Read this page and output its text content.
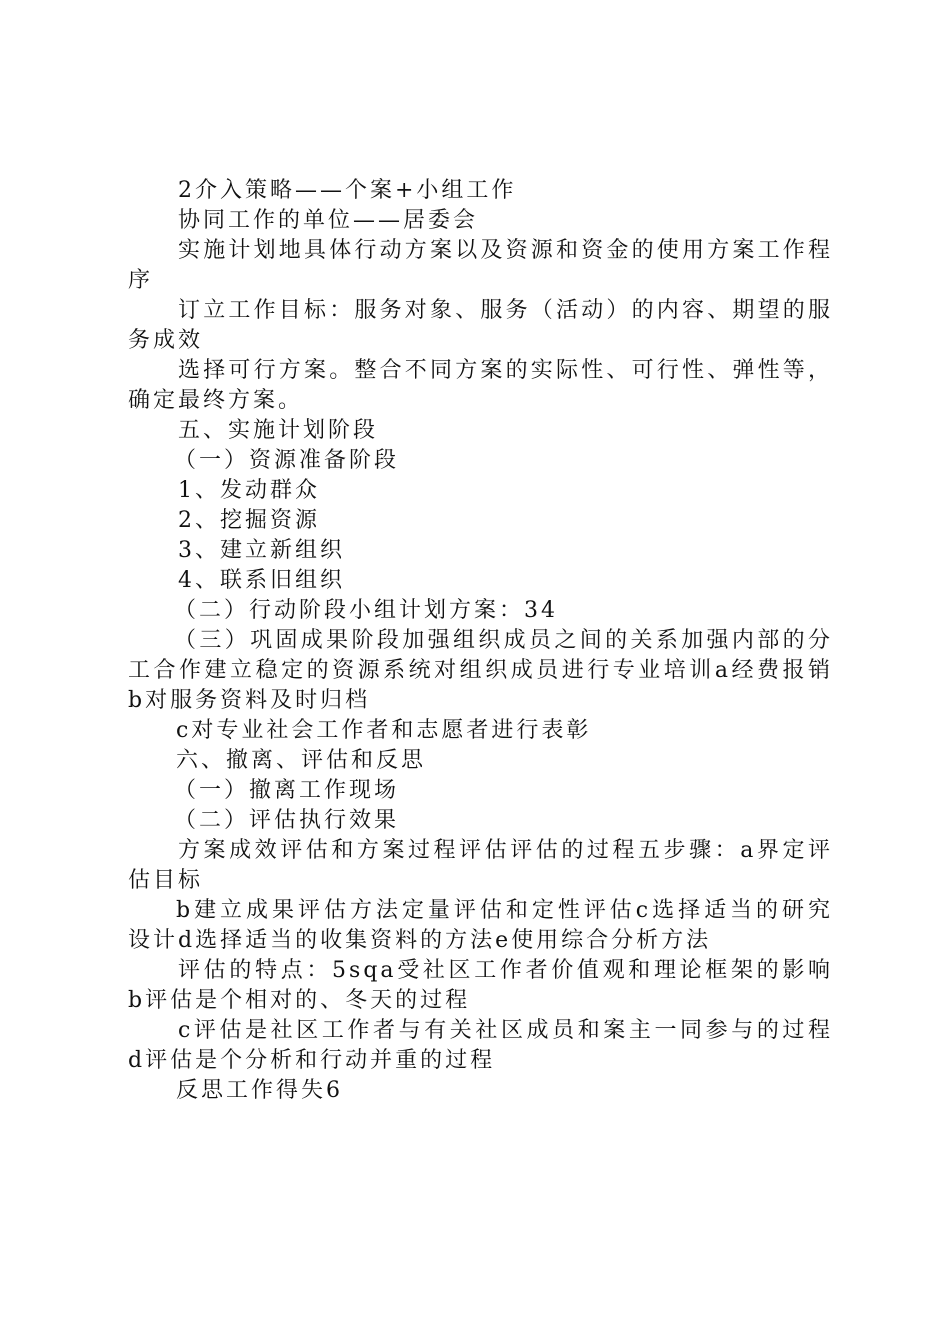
2介入策略——个案+小组工作

协同工作的单位——居委会

实施计划地具体行动方案以及资源和资金的使用方案工作程序

订立工作目标：服务对象、服务（活动）的内容、期望的服务成效

选择可行方案。整合不同方案的实际性、可行性、弹性等，确定最终方案。

五、实施计划阶段

（一）资源准备阶段

1、发动群众

2、挖掘资源

3、建立新组织

4、联系旧组织

（二）行动阶段小组计划方案：34

（三）巩固成果阶段加强组织成员之间的关系加强内部的分工合作建立稳定的资源系统对组织成员进行专业培训a经费报销b对服务资料及时归档

c对专业社会工作者和志愿者进行表彰

六、撤离、评估和反思

（一）撤离工作现场

（二）评估执行效果

方案成效评估和方案过程评估评估的过程五步骤：a界定评估目标

b建立成果评估方法定量评估和定性评估c选择适当的研究设计d选择适当的收集资料的方法e使用综合分析方法

评估的特点：5sqa受社区工作者价值观和理论框架的影响b评估是个相对的、冬天的过程

c评估是社区工作者与有关社区成员和案主一同参与的过程d评估是个分析和行动并重的过程

反思工作得失6
